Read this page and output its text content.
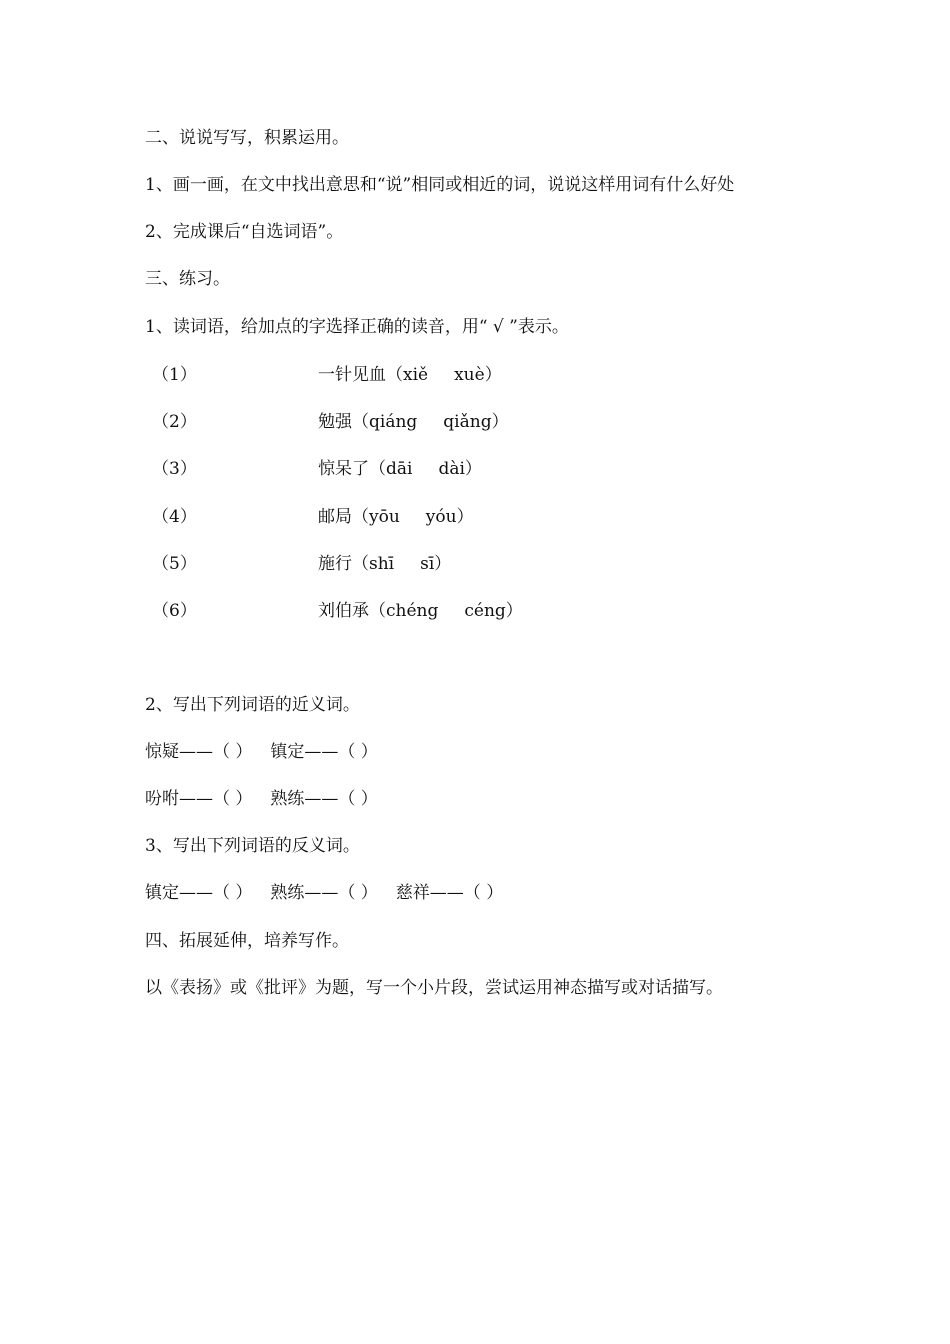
二、说说写写，积累运用。
1、画一画，在文中找出意思和“说”相同或相近的词，说说这样用词有什么好处
2、完成课后“自选词语”。
三、练习。
1、读词语，给加点的字选择正确的读音，用“ √ ”表示。
（1）	一针见血（xiě xuè）
（2）	勉强（qiáng qiǎng）
（3）	惊呆了（dāi dài）
（4）	邮局（yōu yóu）
（5）	施行（shī sī）
（6）	刘伯承（chéng céng）
2、写出下列词语的近义词。
惊疑——（ ） 镇定——（ ）
吩咐——（ ） 熟练——（ ）
3、写出下列词语的反义词。
镇定——（ ） 熟练——（ ） 慈祥——（ ）
四、拓展延伸，培养写作。
以《表扬》或《批评》为题，写一个小片段，尝试运用神态描写或对话描写。
